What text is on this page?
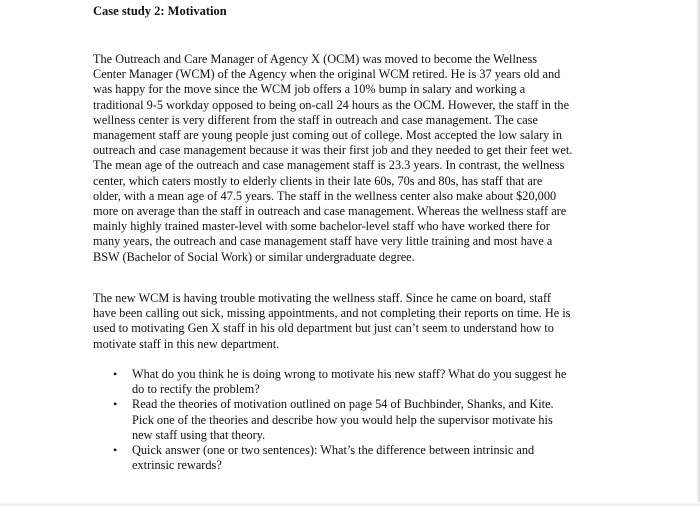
Case study 2: Motivation

The Outreach and Care Manager of Agency X (OCM) was moved to become the Wellness
Center Manager (WCM) of the Agency when the original WCM retired. He is 37 years old and
was happy for the move since the WCM job offers a 10% bump in salary and working a
traditional 9-5 workday opposed to being on-call 24 hours as the OCM. However, the staff in the
wellness center is very different from the staff in outreach and case management. The case
management staff are young people just coming out of college. Most accepted the low salary in
outreach and case management because it was their first job and they needed to get their feet wet.
The mean age of the outreach and case management staff is 23.3 years. In contrast, the wellness
center, which caters mostly to elderly clients in their late 60s, 70s and 80s, has staff that are
older, with a mean age of 47.5 years. The staff in the wellness center also make about $20,000
more on average than the staff in outreach and case management. Whereas the wellness staff are
mainly highly trained master-level with some bachelor-level staff who have worked there for
many years, the outreach and case management staff have very little training and most have a
BSW (Bachelor of Social Work) or similar undergraduate degree.

The new WCM is having trouble motivating the wellness staff. Since he came on board, staff
have been calling out sick, missing appointments, and not completing their reports on time. He is
used to motivating Gen X staff in his old department but just can’t seem to understand how to
motivate staff in this new department.

•	What do you think he is doing wrong to motivate his new staff? What do you suggest he
do to rectify the problem?
•	Read the theories of motivation outlined on page 54 of Buchbinder, Shanks, and Kite.
Pick one of the theories and describe how you would help the supervisor motivate his
new staff using that theory.
•	Quick answer (one or two sentences): What’s the difference between intrinsic and
extrinsic rewards?
